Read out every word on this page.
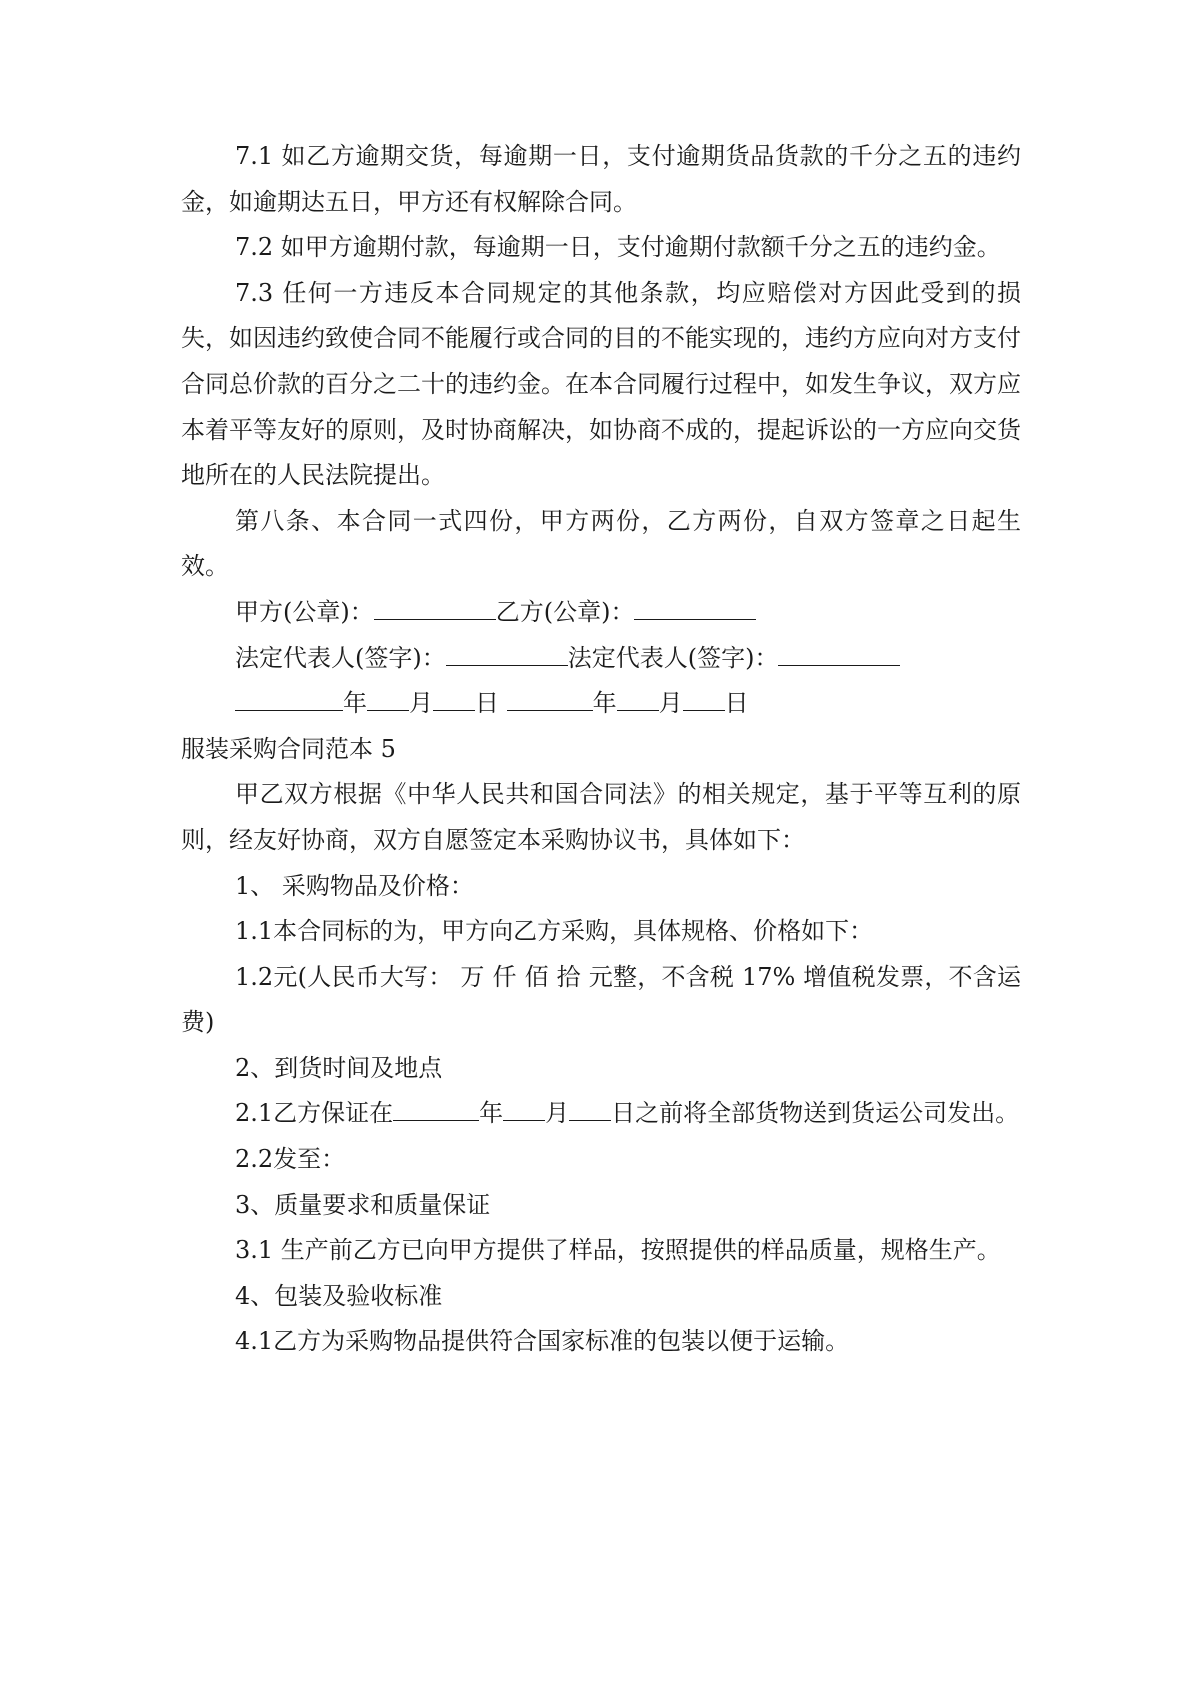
7.1 如乙方逾期交货，每逾期一日，支付逾期货品货款的千分之五的违约金，如逾期达五日，甲方还有权解除合同。

7.2 如甲方逾期付款，每逾期一日，支付逾期付款额千分之五的违约金。

7.3 任何一方违反本合同规定的其他条款，均应赔偿对方因此受到的损失，如因违约致使合同不能履行或合同的目的不能实现的，违约方应向对方支付合同总价款的百分之二十的违约金。在本合同履行过程中，如发生争议，双方应本着平等友好的原则，及时协商解决，如协商不成的，提起诉讼的一方应向交货地所在的人民法院提出。

第八条、本合同一式四份，甲方两份，乙方两份，自双方签章之日起生效。

甲方(公章)：	乙方(公章)：

法定代表人(签字)：	法定代表人(签字)：

年 月 日	年 月 日

服装采购合同范本 5

甲乙双方根据《中华人民共和国合同法》的相关规定，基于平等互利的原则，经友好协商，双方自愿签定本采购协议书，具体如下：

1、 采购物品及价格：

1.1本合同标的为，甲方向乙方采购，具体规格、价格如下：

1.2元(人民币大写： 万 仟 佰 拾 元整，不含税 17% 增值税发票，不含运费)

2、到货时间及地点

2.1乙方保证在	年 月 日之前将全部货物送到货运公司发出。

2.2发至：

3、质量要求和质量保证

3.1 生产前乙方已向甲方提供了样品，按照提供的样品质量，规格生产。

4、包装及验收标准

4.1乙方为采购物品提供符合国家标准的包装以便于运输。
